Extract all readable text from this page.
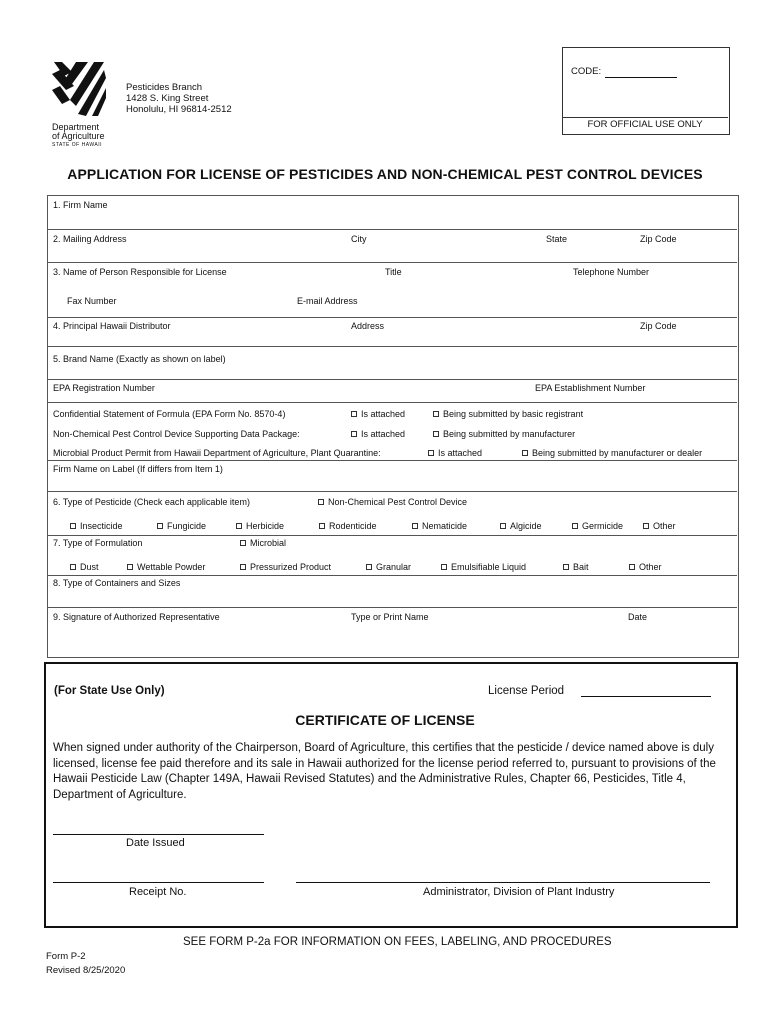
Department
of Agriculture
STATE OF HAWAII
Pesticides Branch
1428 S. King Street
Honolulu, HI 96814-2512
CODE:
FOR OFFICIAL USE ONLY
APPLICATION FOR LICENSE OF PESTICIDES AND NON-CHEMICAL PEST CONTROL DEVICES
1. Firm Name
2. Mailing Address	City	State	Zip Code
3. Name of Person Responsible for License	Title	Telephone Number
Fax Number	E-mail Address
4. Principal Hawaii Distributor	Address	Zip Code
5. Brand Name (Exactly as shown on label)
EPA Registration Number	EPA Establishment Number
Confidential Statement of Formula (EPA Form No. 8570-4)	Is attached	Being submitted by basic registrant
Non-Chemical Pest Control Device Supporting Data Package:	Is attached	Being submitted by manufacturer
Microbial Product Permit from Hawaii Department of Agriculture, Plant Quarantine:	Is attached	Being submitted by manufacturer or dealer
Firm Name on Label (If differs from Item 1)
6. Type of Pesticide (Check each applicable item)	Non-Chemical Pest Control Device
Insecticide	Fungicide	Herbicide	Rodenticide	Nematicide	Algicide	Germicide	Other
7. Type of Formulation	Microbial
Dust	Wettable Powder	Pressurized Product	Granular	Emulsifiable Liquid	Bait	Other
8. Type of Containers and Sizes
9. Signature of Authorized Representative	Type or Print Name	Date
(For State Use Only)	License Period
CERTIFICATE OF LICENSE
When signed under authority of the Chairperson, Board of Agriculture, this certifies that the pesticide / device named above is duly licensed, license fee paid therefore and its sale in Hawaii authorized for the license period referred to, pursuant to provisions of the Hawaii Pesticide Law (Chapter 149A, Hawaii Revised Statutes) and the Administrative Rules, Chapter 66, Pesticides, Title 4, Department of Agriculture.
Date Issued
Receipt No.	Administrator, Division of Plant Industry
SEE FORM P-2a FOR INFORMATION ON FEES, LABELING, AND PROCEDURES
Form P-2
Revised 8/25/2020
